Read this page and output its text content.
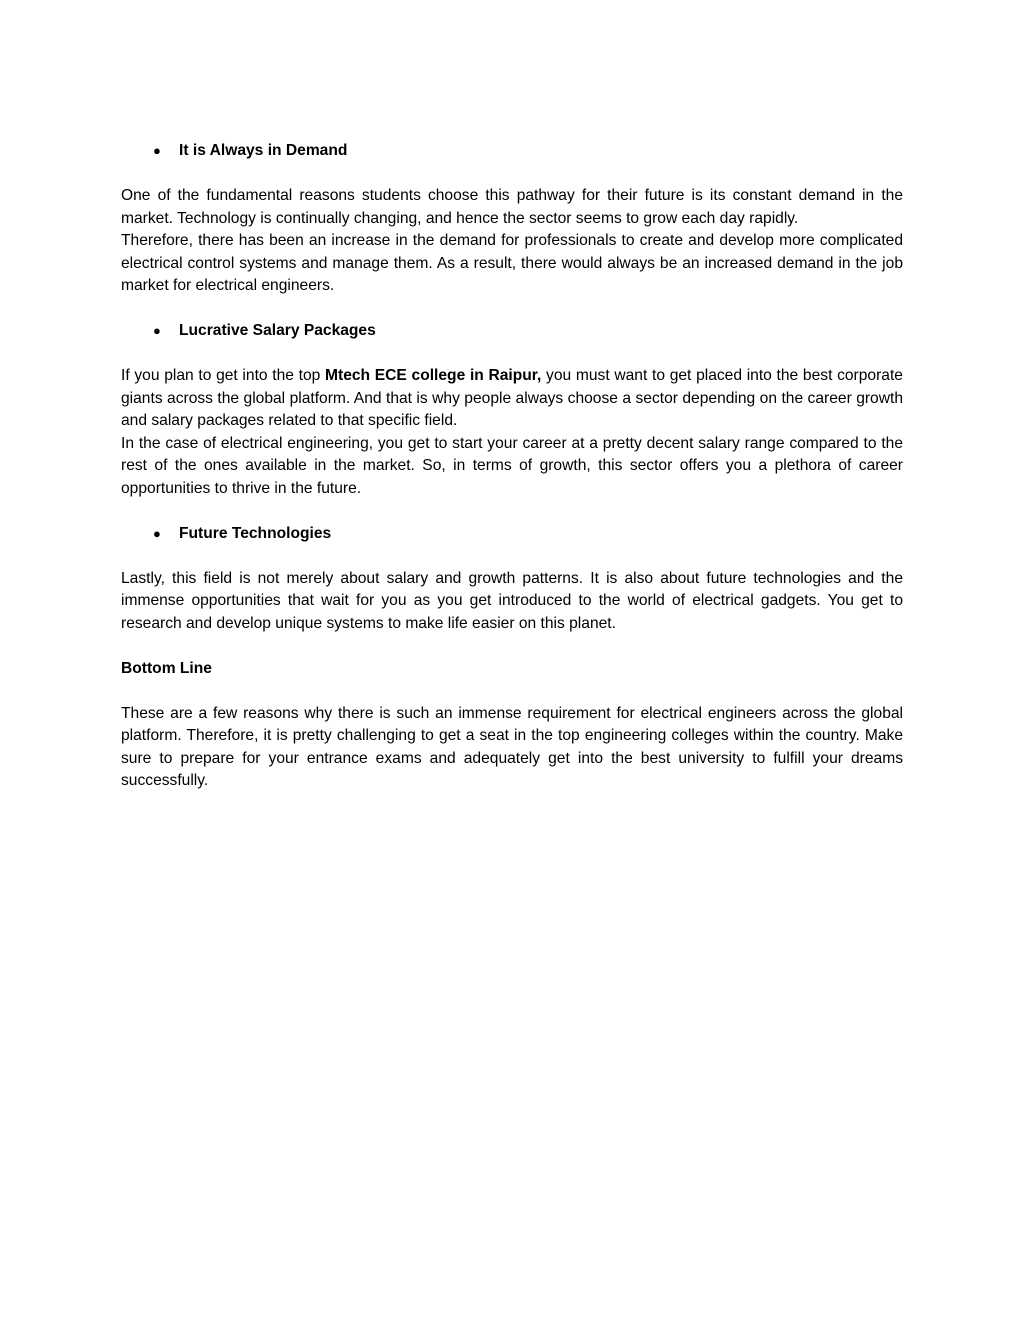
●	It is Always in Demand

One of the fundamental reasons students choose this pathway for their future is its constant demand in the market. Technology is continually changing, and hence the sector seems to grow each day rapidly.

Therefore, there has been an increase in the demand for professionals to create and develop more complicated electrical control systems and manage them. As a result, there would always be an increased demand in the job market for electrical engineers.

●	Lucrative Salary Packages

If you plan to get into the top Mtech ECE college in Raipur, you must want to get placed into the best corporate giants across the global platform. And that is why people always choose a sector depending on the career growth and salary packages related to that specific field.

In the case of electrical engineering, you get to start your career at a pretty decent salary range compared to the rest of the ones available in the market. So, in terms of growth, this sector offers you a plethora of career opportunities to thrive in the future.

●	Future Technologies

Lastly, this field is not merely about salary and growth patterns. It is also about future technologies and the immense opportunities that wait for you as you get introduced to the world of electrical gadgets. You get to research and develop unique systems to make life easier on this planet.

Bottom Line

These are a few reasons why there is such an immense requirement for electrical engineers across the global platform. Therefore, it is pretty challenging to get a seat in the top engineering colleges within the country. Make sure to prepare for your entrance exams and adequately get into the best university to fulfill your dreams successfully.
